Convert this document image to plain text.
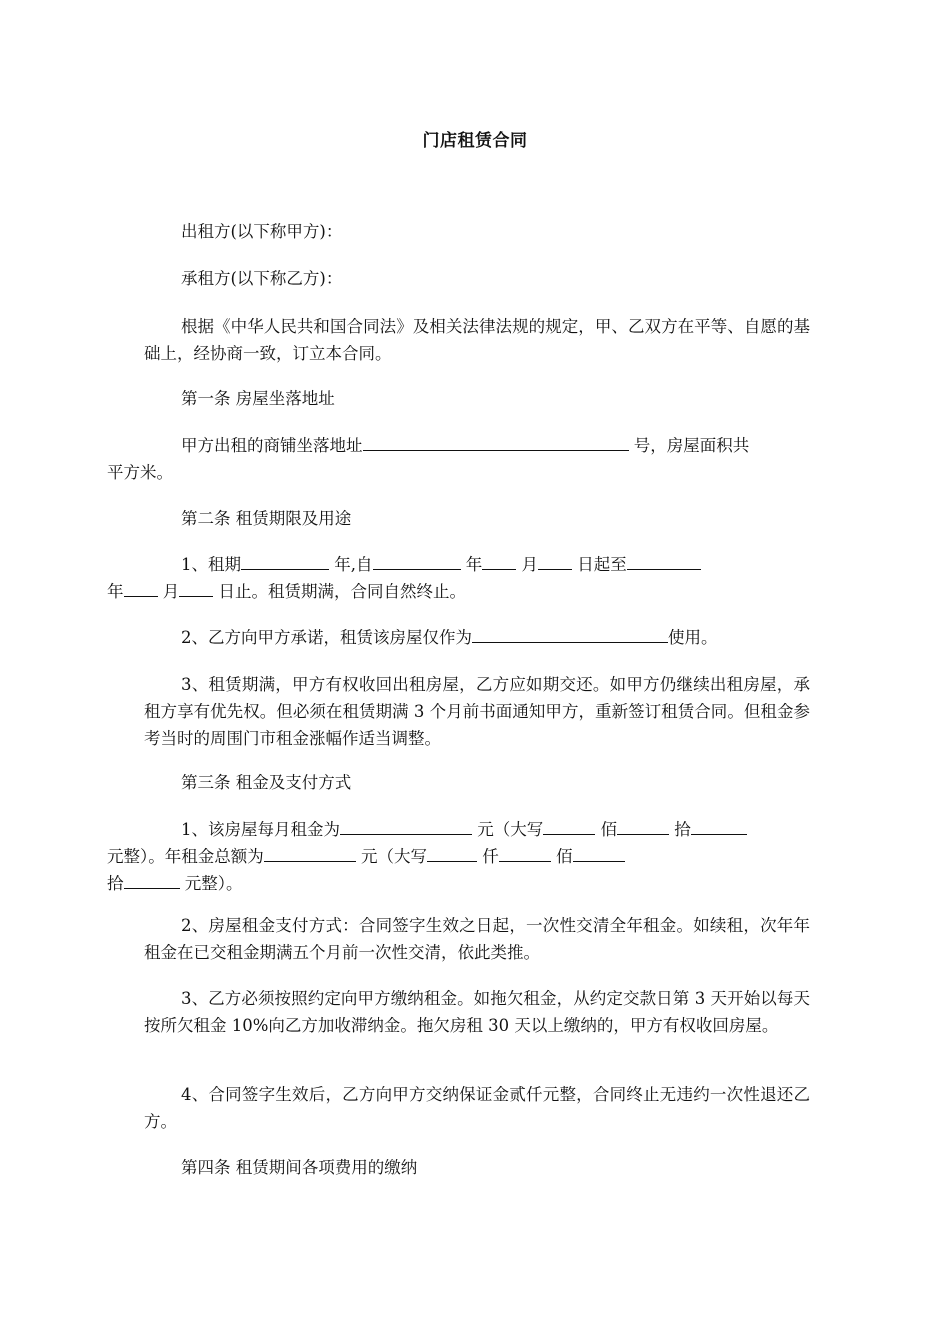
门店租赁合同
出租方(以下称甲方)：
承租方(以下称乙方)：
根据《中华人民共和国合同法》及相关法律法规的规定，甲、乙双方在平等、自愿的基础上，经协商一致，订立本合同。
第一条 房屋坐落地址
甲方出租的商铺坐落地址	号，房屋面积共
平方米。
第二条 租赁期限及用途
1、租期	年,自	年 月 日起至
年 月 日止。租赁期满，合同自然终止。
2、乙方向甲方承诺，租赁该房屋仅作为	使用。
3、租赁期满，甲方有权收回出租房屋，乙方应如期交还。如甲方仍继续出租房屋，承租方享有优先权。但必须在租赁期满 3 个月前书面通知甲方，重新签订租赁合同。但租金参考当时的周围门市租金涨幅作适当调整。
第三条 租金及支付方式
1、该房屋每月租金为	元（大写	佰	拾
元整）。年租金总额为	元（大写	仟	佰
拾	元整）。
2、房屋租金支付方式：合同签字生效之日起，一次性交清全年租金。如续租，次年年租金在已交租金期满五个月前一次性交清，依此类推。
3、乙方必须按照约定向甲方缴纳租金。如拖欠租金，从约定交款日第 3 天开始以每天按所欠租金 10%向乙方加收滞纳金。拖欠房租 30 天以上缴纳的，甲方有权收回房屋。
4、合同签字生效后，乙方向甲方交纳保证金贰仟元整，合同终止无违约一次性退还乙方。
第四条 租赁期间各项费用的缴纳
